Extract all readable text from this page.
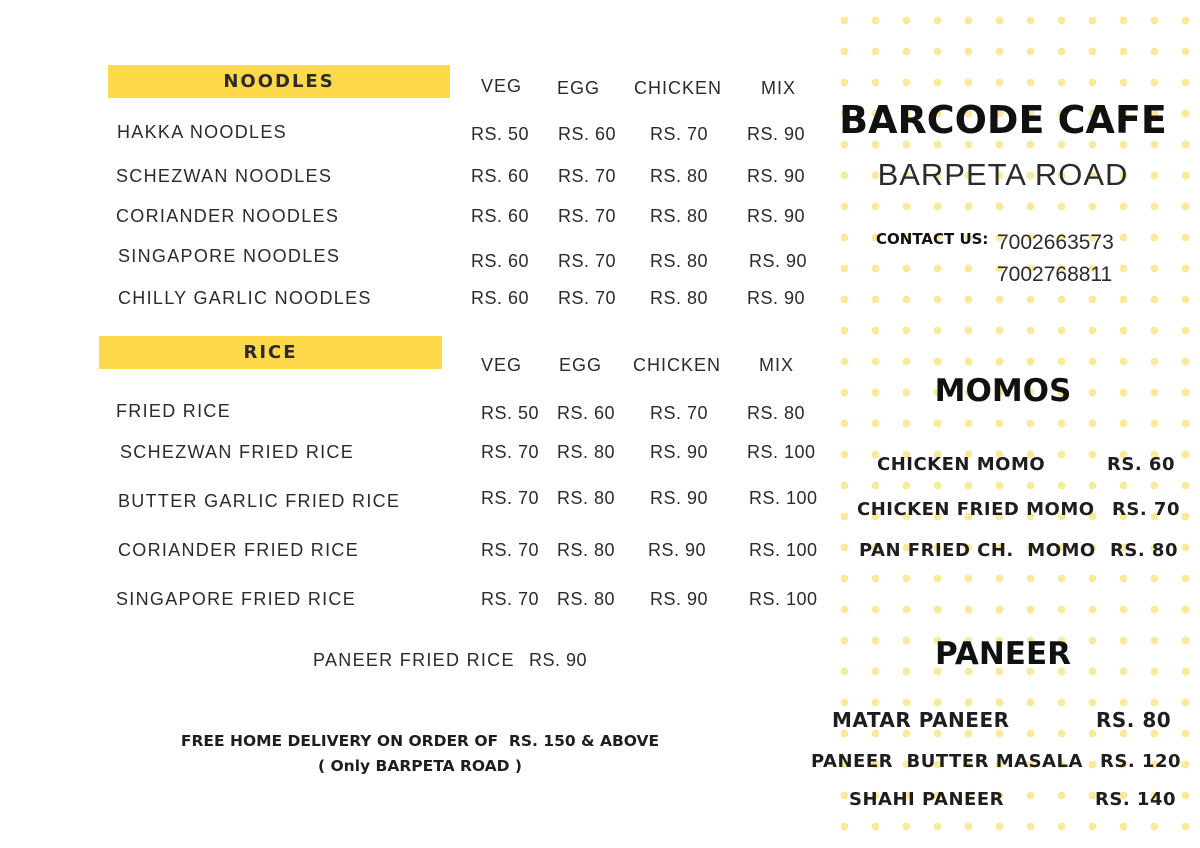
NOODLES	VEG EGG CHICKEN MIX
HAKKA NOODLES	RS. 50 RS. 60 RS. 70 RS. 90
SCHEZWAN NOODLES	RS. 60 RS. 70 RS. 80 RS. 90
CORIANDER NOODLES	RS. 60 RS. 70 RS. 80 RS. 90
SINGAPORE NOODLES	RS. 60 RS. 70 RS. 80 RS. 90
CHILLY GARLIC NOODLES	RS. 60 RS. 70 RS. 80 RS. 90
RICE
VEG EGG CHICKEN MIX
FRIED RICE	RS. 50 RS. 60 RS. 70 RS. 80
SCHEZWAN FRIED RICE	RS. 70 RS. 80 RS. 90 RS. 100
BUTTER GARLIC FRIED RICE	RS. 70 RS. 80 RS. 90 RS. 100
CORIANDER FRIED RICE	RS. 70 RS. 80 RS. 90 RS. 100
SINGAPORE FRIED RICE	RS. 70 RS. 80 RS. 90 RS. 100
PANEER FRIED RICE RS. 90
FREE HOME DELIVERY ON ORDER OF  RS. 150 & ABOVE
( Only BARPETA ROAD )
BARCODE CAFE
BARPETA ROAD
CONTACT US: 7002663573
7002768811
MOMOS
CHICKEN MOMO	RS. 60
CHICKEN FRIED MOMO RS. 70
PAN FRIED CH.  MOMO RS. 80
PANEER
MATAR PANEER	RS. 80
PANEER  BUTTER MASALA RS. 120
SHAHI PANEER	RS. 140
